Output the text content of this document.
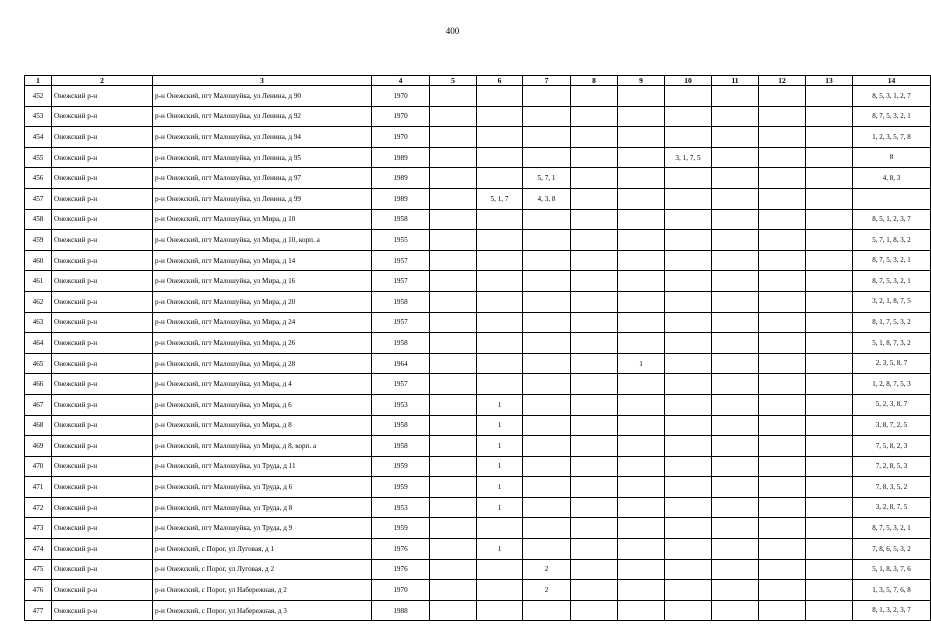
400
1	2	3	4	5	6	7	8	9	10	11	12	13	14
452	Онежский р-н	р-н Онежский, пгт Малошуйка, ул Ленина, д 90	1970										8, 5, 3, 1, 2, 7
453	Онежский р-н	р-н Онежский, пгт Малошуйка, ул Ленина, д 92	1970										8, 7, 5, 3, 2, 1
454	Онежский р-н	р-н Онежский, пгт Малошуйка, ул Ленина, д 94	1970										1, 2, 3, 5, 7, 8
455	Онежский р-н	р-н Онежский, пгт Малошуйка, ул Ленина, д 95	1989						3, 1, 7, 5				8
456	Онежский р-н	р-н Онежский, пгт Малошуйка, ул Ленина, д 97	1989			5, 7, 1							4, 8, 3
457	Онежский р-н	р-н Онежский, пгт Малошуйка, ул Ленина, д 99	1989		5, 1, 7	4, 3, 8							
458	Онежский р-н	р-н Онежский, пгт Малошуйка, ул Мира, д 10	1958										8, 5, 1, 2, 3, 7
459	Онежский р-н	р-н Онежский, пгт Малошуйка, ул Мира, д 10, корп. а	1955										5, 7, 1, 8, 3, 2
460	Онежский р-н	р-н Онежский, пгт Малошуйка, ул Мира, д 14	1957										8, 7, 5, 3, 2, 1
461	Онежский р-н	р-н Онежский, пгт Малошуйка, ул Мира, д 16	1957										8, 7, 5, 3, 2, 1
462	Онежский р-н	р-н Онежский, пгт Малошуйка, ул Мира, д 20	1958										3, 2, 1, 8, 7, 5
463	Онежский р-н	р-н Онежский, пгт Малошуйка, ул Мира, д 24	1957										8, 1, 7, 5, 3, 2
464	Онежский р-н	р-н Онежский, пгт Малошуйка, ул Мира, д 26	1958										5, 1, 8, 7, 3, 2
465	Онежский р-н	р-н Онежский, пгт Малошуйка, ул Мира, д 28	1964					1					2, 3, 5, 8, 7
466	Онежский р-н	р-н Онежский, пгт Малошуйка, ул Мира, д 4	1957										1, 2, 8, 7, 5, 3
467	Онежский р-н	р-н Онежский, пгт Малошуйка, ул Мира, д 6	1953		1								5, 2, 3, 8, 7
468	Онежский р-н	р-н Онежский, пгт Малошуйка, ул Мира, д 8	1958		1								3, 8, 7, 2, 5
469	Онежский р-н	р-н Онежский, пгт Малошуйка, ул Мира, д 8, корп. а	1958		1								7, 5, 8, 2, 3
470	Онежский р-н	р-н Онежский, пгт Малошуйка, ул Труда, д 11	1959		1								7, 2, 8, 5, 3
471	Онежский р-н	р-н Онежский, пгт Малошуйка, ул Труда, д 6	1959		1								7, 8, 3, 5, 2
472	Онежский р-н	р-н Онежский, пгт Малошуйка, ул Труда, д 8	1953		1								3, 2, 8, 7, 5
473	Онежский р-н	р-н Онежский, пгт Малошуйка, ул Труда, д 9	1959										8, 7, 5, 3, 2, 1
474	Онежский р-н	р-н Онежский, с Порог, ул Луговая, д 1	1976		1								7, 8, 6, 5, 3, 2
475	Онежский р-н	р-н Онежский, с Порог, ул Луговая, д 2	1976			2							5, 1, 8, 3, 7, 6
476	Онежский р-н	р-н Онежский, с Порог, ул Набережная, д 2	1970			2							1, 3, 5, 7, 6, 8
477	Онежский р-н	р-н Онежский, с Порог, ул Набережная, д 3	1988										8, 1, 3, 2, 3, 7
